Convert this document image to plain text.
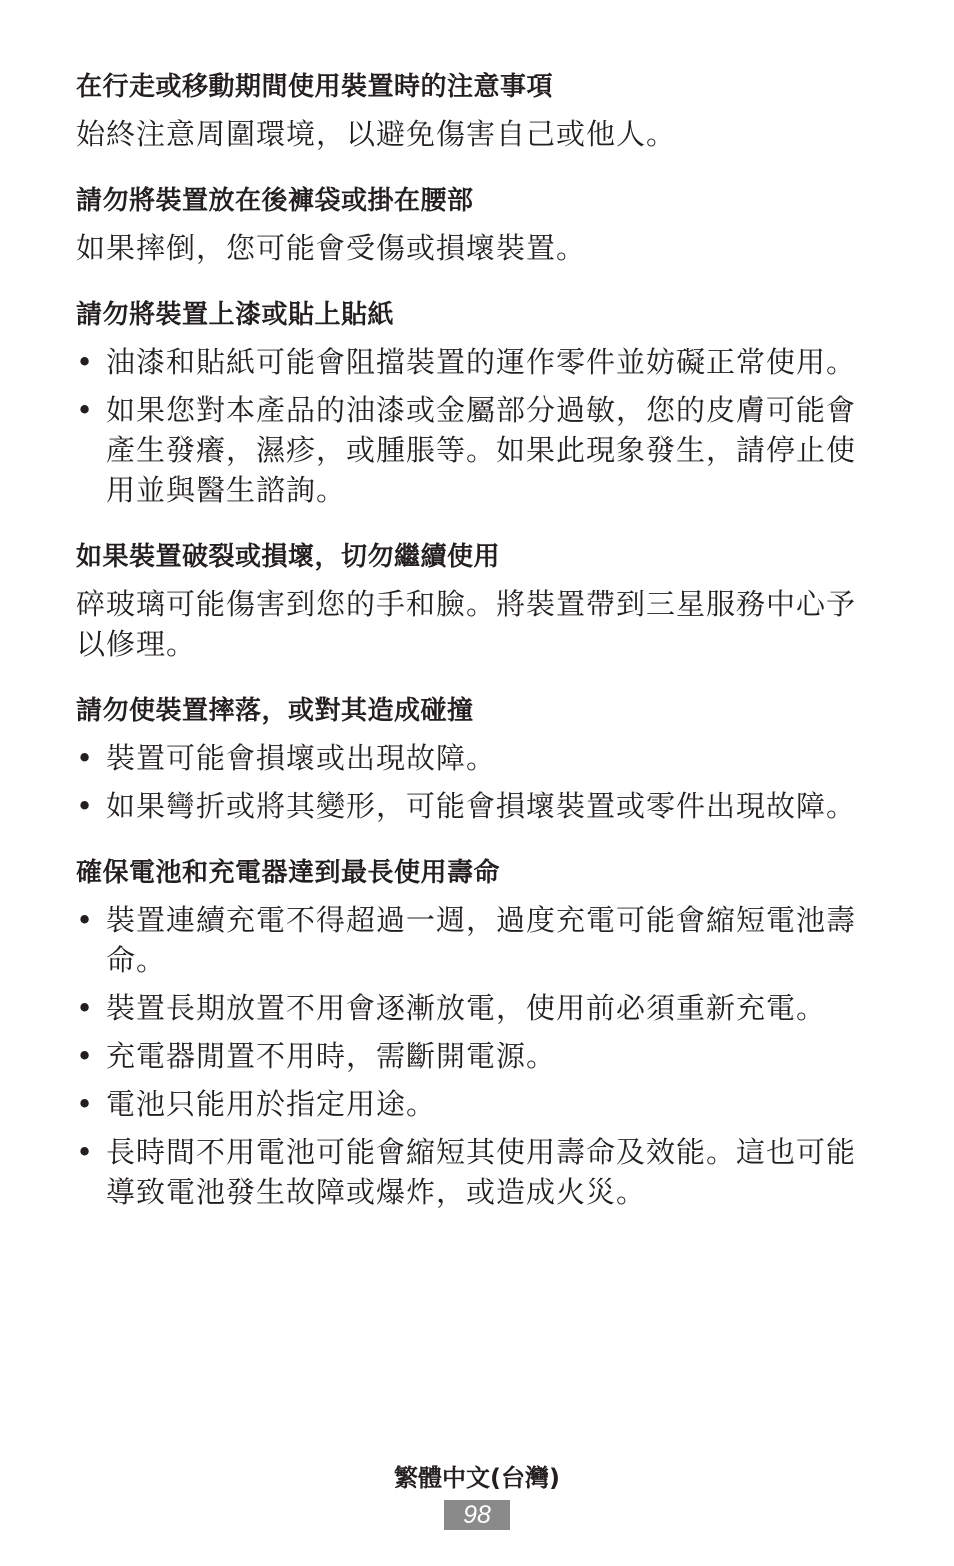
在行走或移動期間使用裝置時的注意事項

始終注意周圍環境，以避免傷害自己或他人。

請勿將裝置放在後褲袋或掛在腰部

如果摔倒，您可能會受傷或損壞裝置。

請勿將裝置上漆或貼上貼紙
• 油漆和貼紙可能會阻擋裝置的運作零件並妨礙正常使用。
• 如果您對本產品的油漆或金屬部分過敏，您的皮膚可能會產生發癢，濕疹，或腫脹等。如果此現象發生，請停止使用並與醫生諮詢。
如果裝置破裂或損壞，切勿繼續使用

碎玻璃可能傷害到您的手和臉。將裝置帶到三星服務中心予以修理。

請勿使裝置摔落，或對其造成碰撞
• 裝置可能會損壞或出現故障。
• 如果彎折或將其變形，可能會損壞裝置或零件出現故障。
確保電池和充電器達到最長使用壽命
• 裝置連續充電不得超過一週，過度充電可能會縮短電池壽命。
• 裝置長期放置不用會逐漸放電，使用前必須重新充電。
• 充電器閒置不用時，需斷開電源。
• 電池只能用於指定用途。
• 長時間不用電池可能會縮短其使用壽命及效能。這也可能導致電池發生故障或爆炸，或造成火災。
繁體中文(台灣)
98
